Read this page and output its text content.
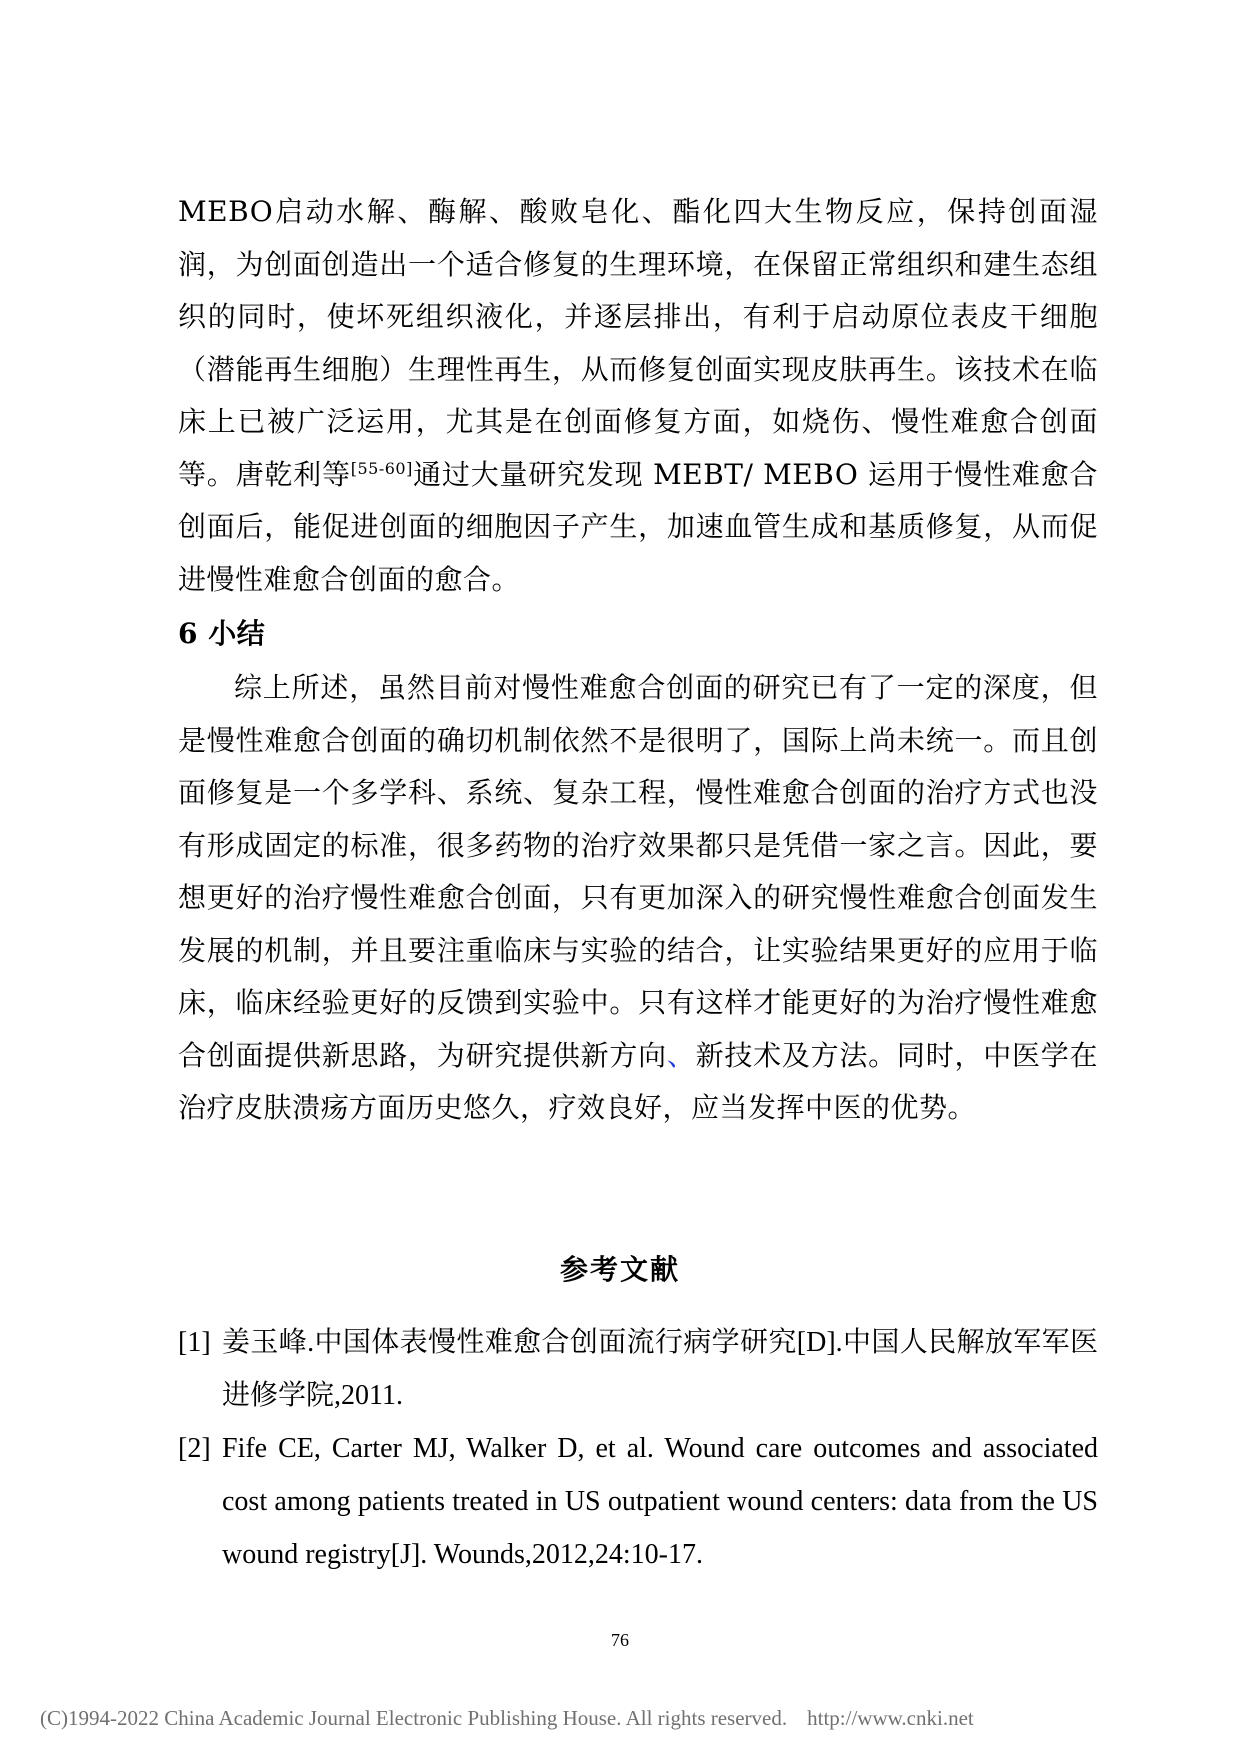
MEBO启动水解、酶解、酸败皂化、酯化四大生物反应，保持创面湿润，为创面创造出一个适合修复的生理环境，在保留正常组织和建生态组织的同时，使坏死组织液化，并逐层排出，有利于启动原位表皮干细胞（潜能再生细胞）生理性再生，从而修复创面实现皮肤再生。该技术在临床上已被广泛运用，尤其是在创面修复方面，如烧伤、慢性难愈合创面等。唐乾利等[55-60]通过大量研究发现 MEBT/ MEBO 运用于慢性难愈合创面后，能促进创面的细胞因子产生，加速血管生成和基质修复，从而促进慢性难愈合创面的愈合。

6 小结

综上所述，虽然目前对慢性难愈合创面的研究已有了一定的深度，但是慢性难愈合创面的确切机制依然不是很明了，国际上尚未统一。而且创面修复是一个多学科、系统、复杂工程，慢性难愈合创面的治疗方式也没有形成固定的标准，很多药物的治疗效果都只是凭借一家之言。因此，要想更好的治疗慢性难愈合创面，只有更加深入的研究慢性难愈合创面发生发展的机制，并且要注重临床与实验的结合，让实验结果更好的应用于临床，临床经验更好的反馈到实验中。只有这样才能更好的为治疗慢性难愈合创面提供新思路，为研究提供新方向、新技术及方法。同时，中医学在治疗皮肤溃疡方面历史悠久，疗效良好，应当发挥中医的优势。

参考文献
[1] 姜玉峰.中国体表慢性难愈合创面流行病学研究[D].中国人民解放军军医进修学院,2011.
[2] Fife CE, Carter MJ, Walker D, et al. Wound care outcomes and associated cost among patients treated in US outpatient wound centers: data from the US wound registry[J]. Wounds,2012,24:10-17.
76
(C)1994-2022 China Academic Journal Electronic Publishing House. All rights reserved. http://www.cnki.net
